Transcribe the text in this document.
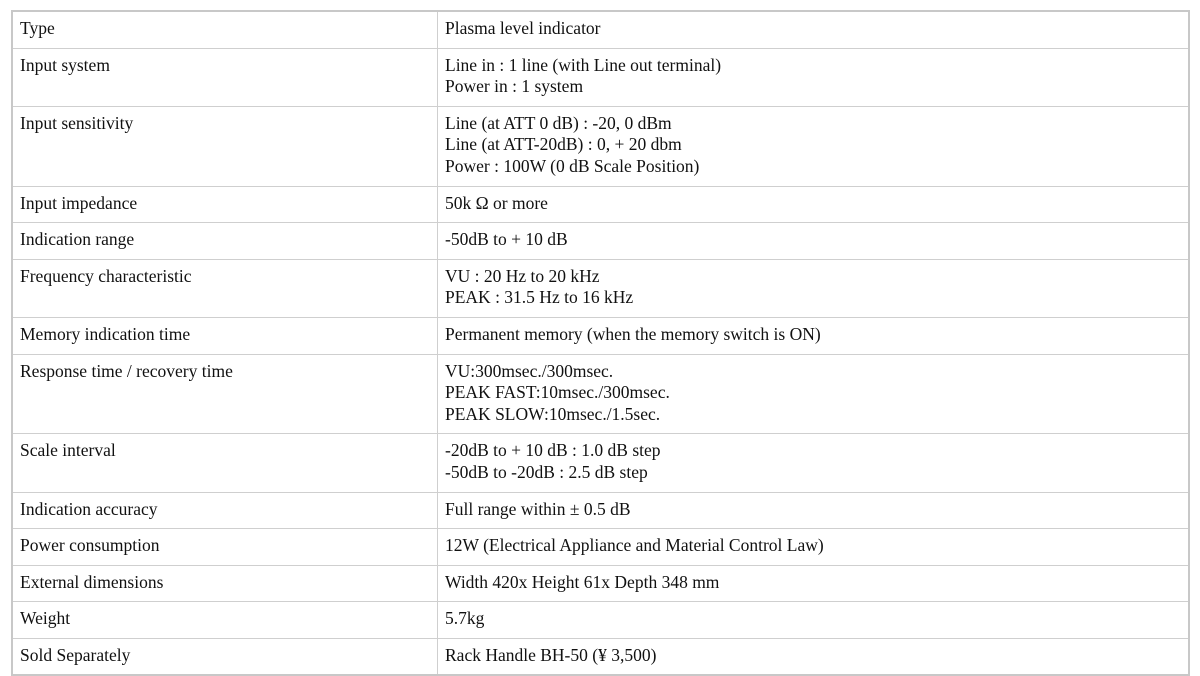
Type	Plasma level indicator

Input system	Line in : 1 line (with Line out terminal)
Power in : 1 system

Input sensitivity	Line (at ATT 0 dB) : -20, 0 dBm
Line (at ATT-20dB) : 0, + 20 dbm
Power : 100W (0 dB Scale Position)

Input impedance	50k Ω or more

Indication range	-50dB to + 10 dB

Frequency characteristic	VU : 20 Hz to 20 kHz
PEAK : 31.5 Hz to 16 kHz

Memory indication time	Permanent memory (when the memory switch is ON)

Response time / recovery time	VU:300msec./300msec.
PEAK FAST:10msec./300msec.
PEAK SLOW:10msec./1.5sec.

Scale interval	-20dB to + 10 dB : 1.0 dB step
-50dB to -20dB : 2.5 dB step

Indication accuracy	Full range within ± 0.5 dB

Power consumption	12W (Electrical Appliance and Material Control Law)

External dimensions	Width 420x Height 61x Depth 348 mm

Weight	5.7kg

Sold Separately	Rack Handle BH-50 (¥ 3,500)
